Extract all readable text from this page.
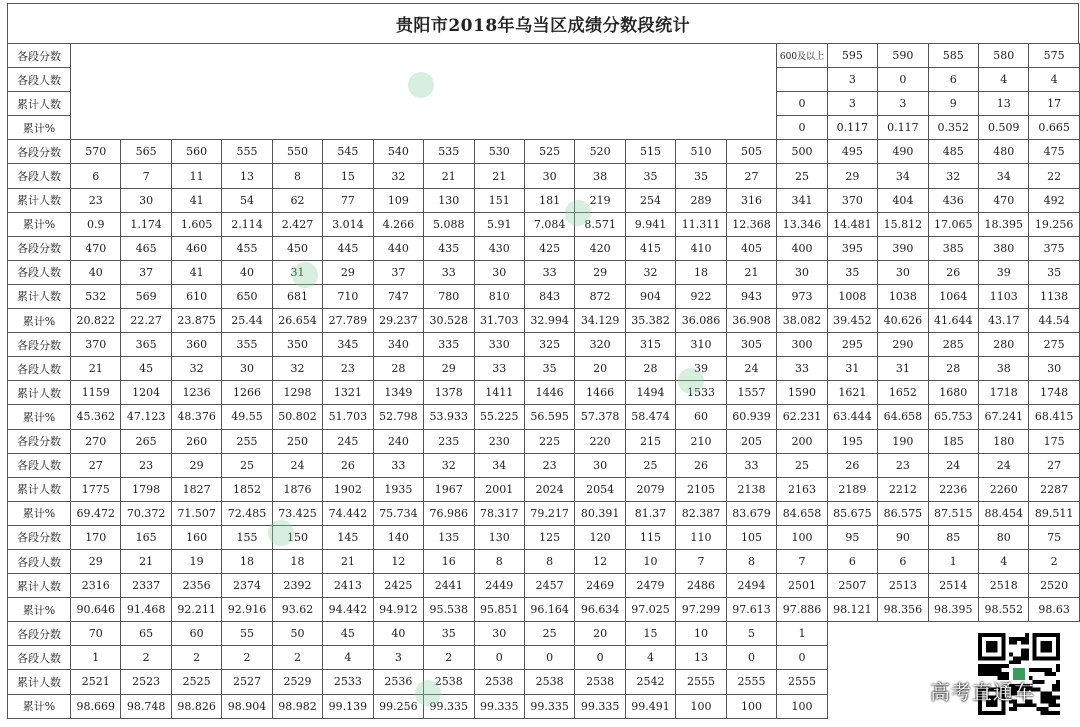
贵阳市2018年乌当区成绩分数段统计
各段分数															600及以上	595	590	585	580	575
各段人数																3	0	6	4	4
累计人数															0	3	3	9	13	17
累计%															0	0.117	0.117	0.352	0.509	0.665
各段分数	570	565	560	555	550	545	540	535	530	525	520	515	510	505	500	495	490	485	480	475
各段人数	6	7	11	13	8	15	32	21	21	30	38	35	35	27	25	29	34	32	34	22
累计人数	23	30	41	54	62	77	109	130	151	181	219	254	289	316	341	370	404	436	470	492
累计%	0.9	1.174	1.605	2.114	2.427	3.014	4.266	5.088	5.91	7.084	8.571	9.941	11.311	12.368	13.346	14.481	15.812	17.065	18.395	19.256
各段分数	470	465	460	455	450	445	440	435	430	425	420	415	410	405	400	395	390	385	380	375
各段人数	40	37	41	40	31	29	37	33	30	33	29	32	18	21	30	35	30	26	39	35
累计人数	532	569	610	650	681	710	747	780	810	843	872	904	922	943	973	1008	1038	1064	1103	1138
累计%	20.822	22.27	23.875	25.44	26.654	27.789	29.237	30.528	31.703	32.994	34.129	35.382	36.086	36.908	38.082	39.452	40.626	41.644	43.17	44.54
各段分数	370	365	360	355	350	345	340	335	330	325	320	315	310	305	300	295	290	285	280	275
各段人数	21	45	32	30	32	23	28	29	33	35	20	28	39	24	33	31	31	28	38	30
累计人数	1159	1204	1236	1266	1298	1321	1349	1378	1411	1446	1466	1494	1533	1557	1590	1621	1652	1680	1718	1748
累计%	45.362	47.123	48.376	49.55	50.802	51.703	52.798	53.933	55.225	56.595	57.378	58.474	60	60.939	62.231	63.444	64.658	65.753	67.241	68.415
各段分数	270	265	260	255	250	245	240	235	230	225	220	215	210	205	200	195	190	185	180	175
各段人数	27	23	29	25	24	26	33	32	34	23	30	25	26	33	25	26	23	24	24	27
累计人数	1775	1798	1827	1852	1876	1902	1935	1967	2001	2024	2054	2079	2105	2138	2163	2189	2212	2236	2260	2287
累计%	69.472	70.372	71.507	72.485	73.425	74.442	75.734	76.986	78.317	79.217	80.391	81.37	82.387	83.679	84.658	85.675	86.575	87.515	88.454	89.511
各段分数	170	165	160	155	150	145	140	135	130	125	120	115	110	105	100	95	90	85	80	75
各段人数	29	21	19	18	18	21	12	16	8	8	12	10	7	8	7	6	6	1	4	2
累计人数	2316	2337	2356	2374	2392	2413	2425	2441	2449	2457	2469	2479	2486	2494	2501	2507	2513	2514	2518	2520
累计%	90.646	91.468	92.211	92.916	93.62	94.442	94.912	95.538	95.851	96.164	96.634	97.025	97.299	97.613	97.886	98.121	98.356	98.395	98.552	98.63
各段分数	70	65	60	55	50	45	40	35	30	25	20	15	10	5	1					
各段人数	1	2	2	2	2	4	3	2	0	0	0	4	13	0	0					
累计人数	2521	2523	2525	2527	2529	2533	2536	2538	2538	2538	2538	2542	2555	2555	2555					
累计%	98.669	98.748	98.826	98.904	98.982	99.139	99.256	99.335	99.335	99.335	99.335	99.491	100	100	100					
高考直通车
